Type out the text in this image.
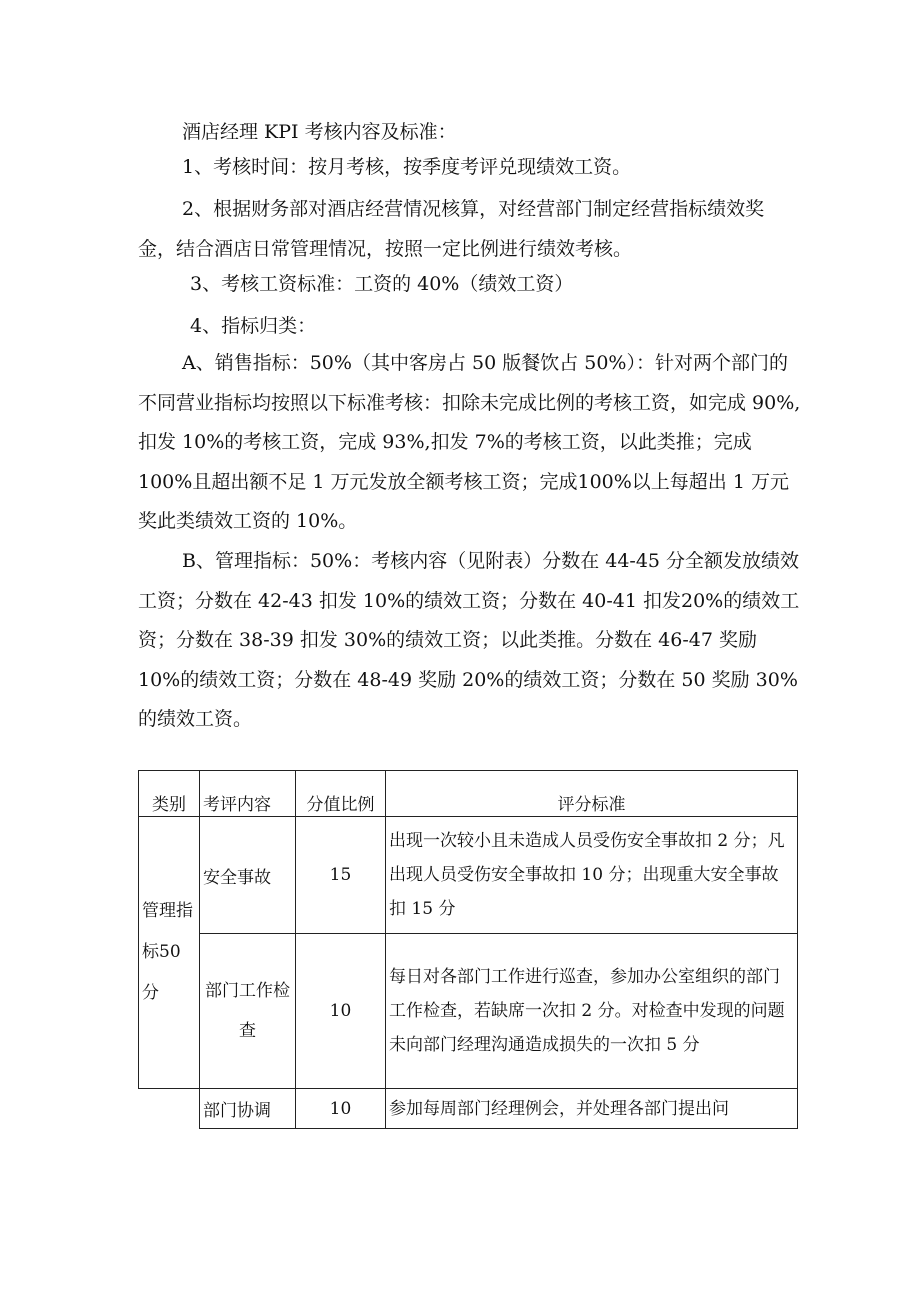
酒店经理 KPI 考核内容及标准：

1、考核时间：按月考核，按季度考评兑现绩效工资。

2、根据财务部对酒店经营情况核算，对经营部门制定经营指标绩效奖金，结合酒店日常管理情况，按照一定比例进行绩效考核。

3、考核工资标准：工资的 40%（绩效工资）

4、指标归类：

A、销售指标：50%（其中客房占 50 版餐饮占 50%）：针对两个部门的不同营业指标均按照以下标准考核：扣除未完成比例的考核工资，如完成 90%,扣发 10%的考核工资，完成 93%,扣发 7%的考核工资，以此类推；完成 100%且超出额不足 1 万元发放全额考核工资；完成100%以上每超出 1 万元奖此类绩效工资的 10%。

B、管理指标：50%：考核内容（见附表）分数在 44-45 分全额发放绩效工资；分数在 42-43 扣发 10%的绩效工资；分数在 40-41 扣发20%的绩效工资；分数在 38-39 扣发 30%的绩效工资；以此类推。分数在 46-47 奖励 10%的绩效工资；分数在 48-49 奖励 20%的绩效工资；分数在 50 奖励 30%的绩效工资。

类别	考评内容	分值比例	评分标准
管理指标50分	安全事故	15	出现一次较小且未造成人员受伤安全事故扣 2 分；凡出现人员受伤安全事故扣 10 分；出现重大安全事故扣 15 分
	部门工作检查	10	每日对各部门工作进行巡查，参加办公室组织的部门工作检查，若缺席一次扣 2 分。对检查中发现的问题未向部门经理沟通造成损失的一次扣 5 分
	部门协调	10	参加每周部门经理例会，并处理各部门提出问
